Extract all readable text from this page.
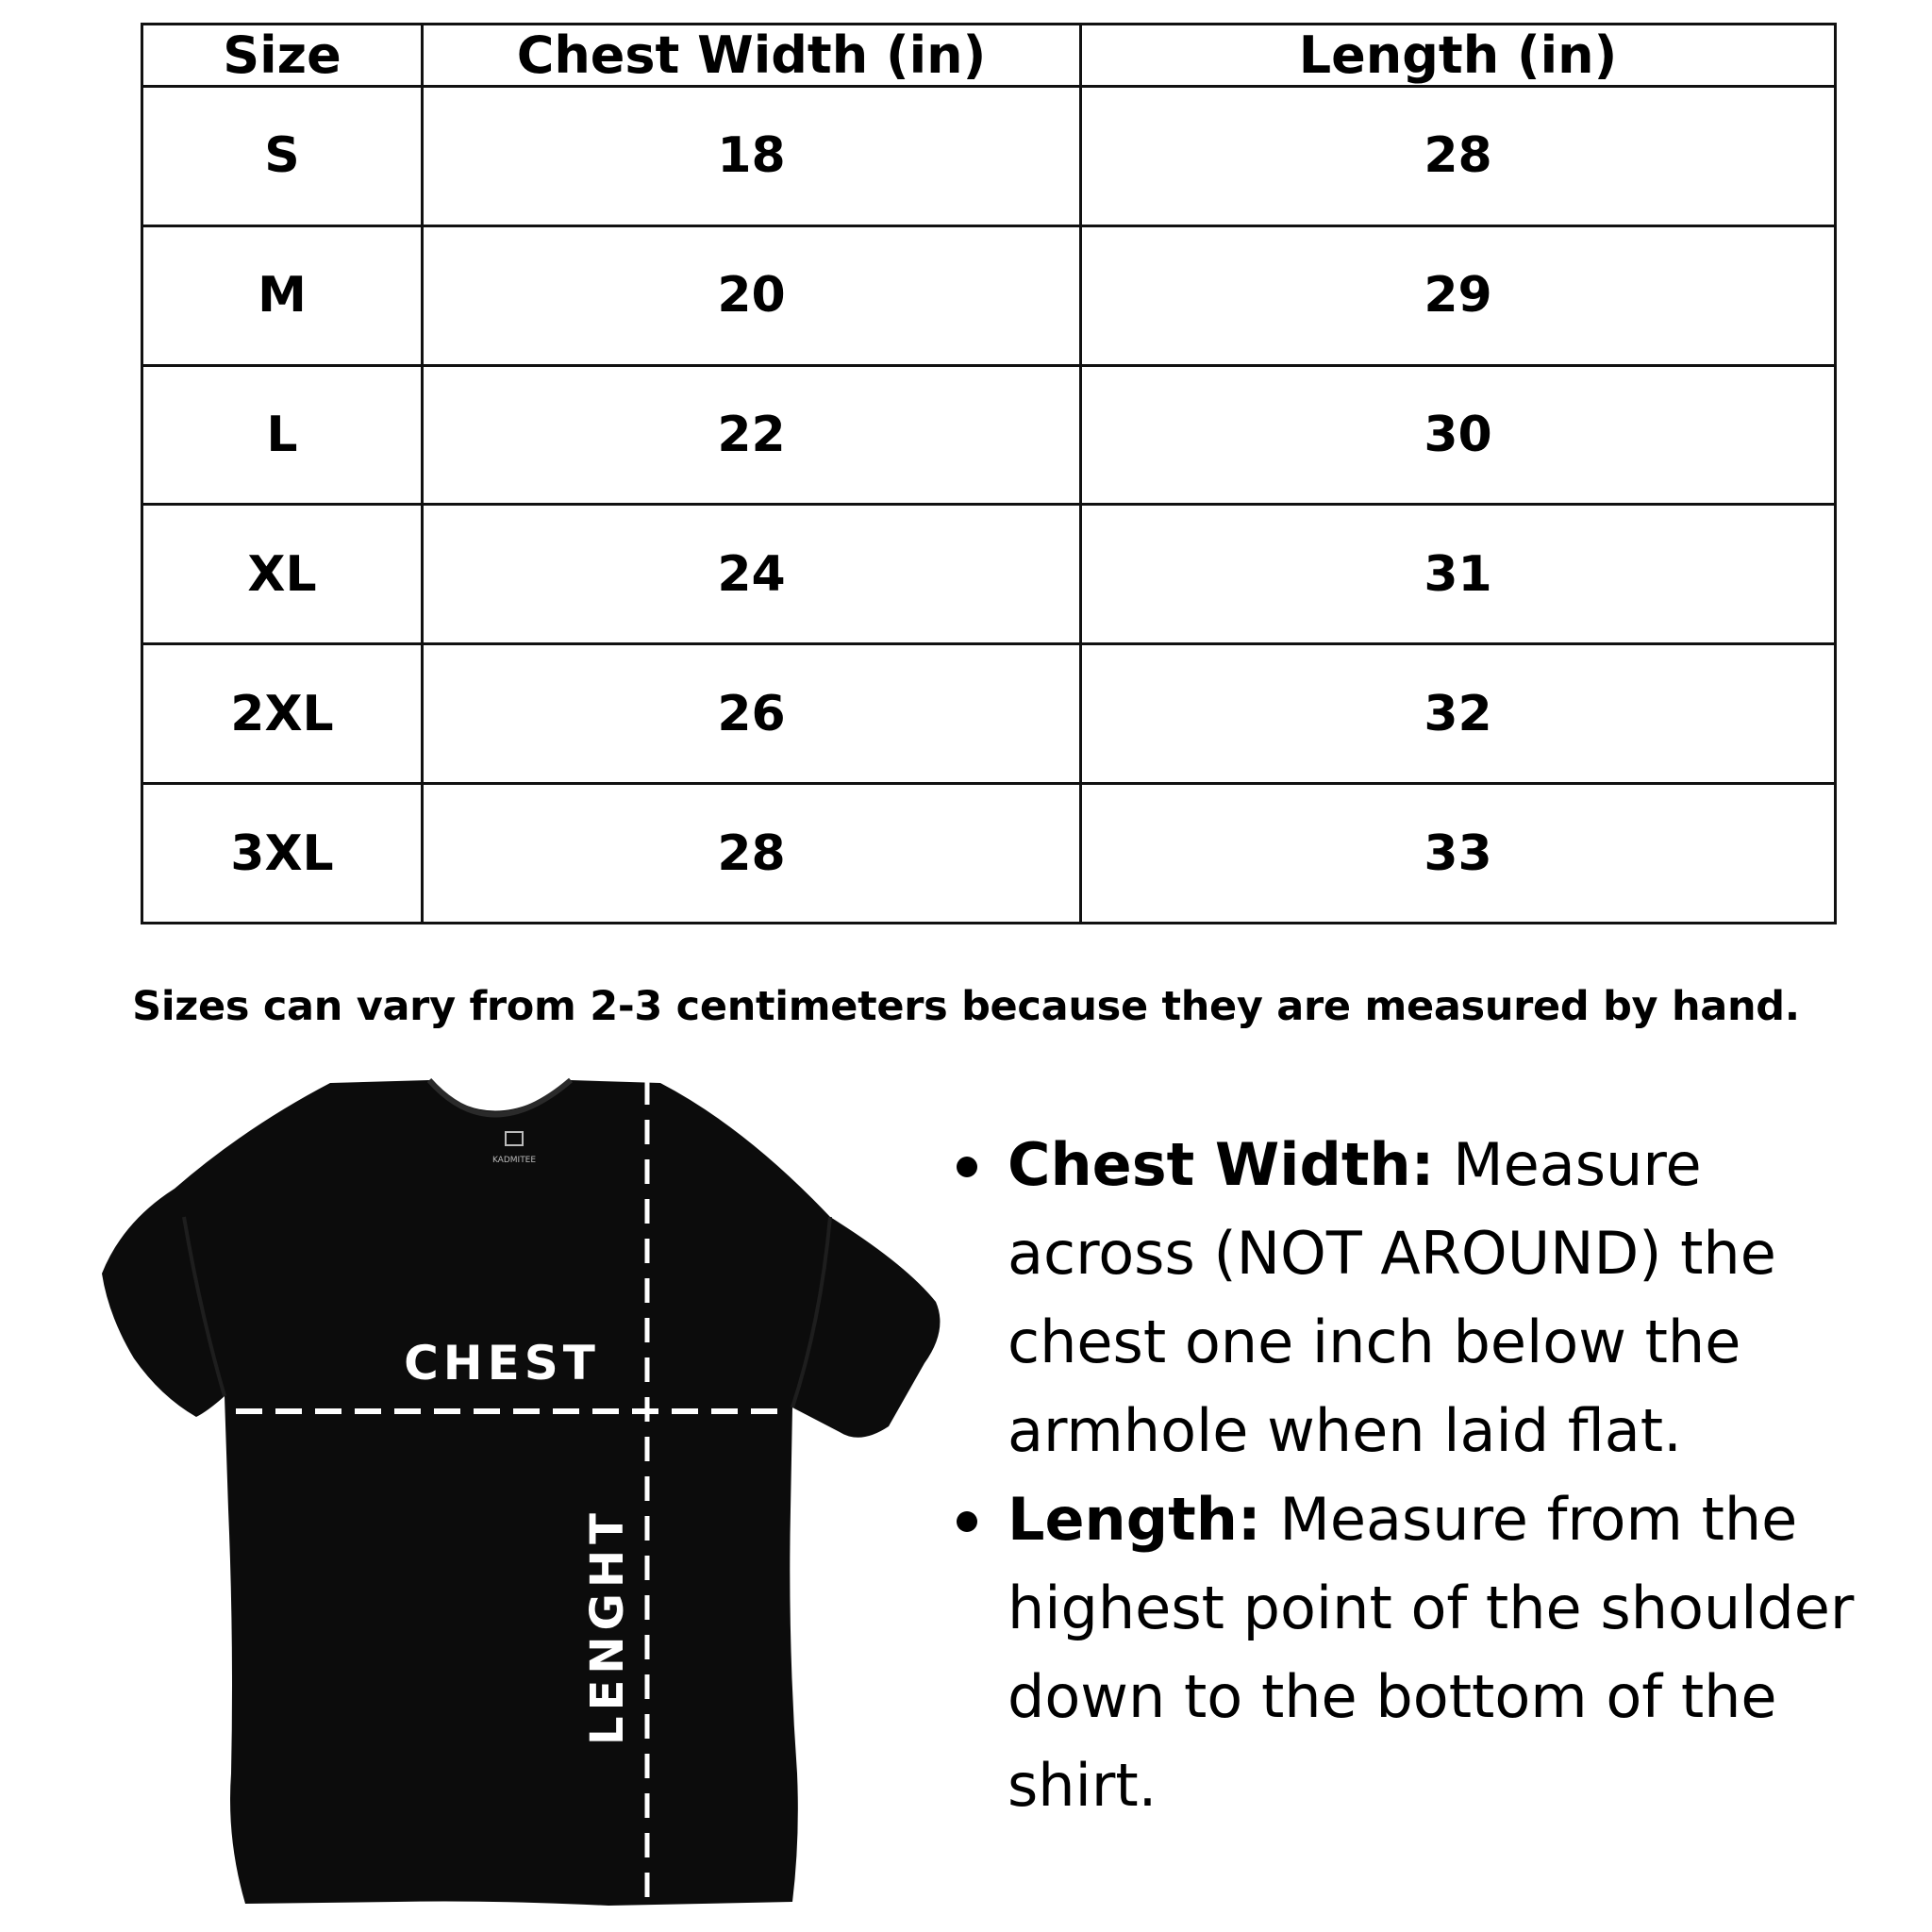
Size	Chest Width (in)	Length (in)
S	18	28
M	20	29
L	22	30
XL	24	31
2XL	26	32
3XL	28	33
Sizes can vary from 2-3 centimeters because they are measured by hand.
KADMITEE
CHEST
LENGHT
Chest Width: Measure across (NOT AROUND) the chest one inch below the armhole when laid flat.
Length: Measure from the highest point of the shoulder down to the bottom of the shirt.
